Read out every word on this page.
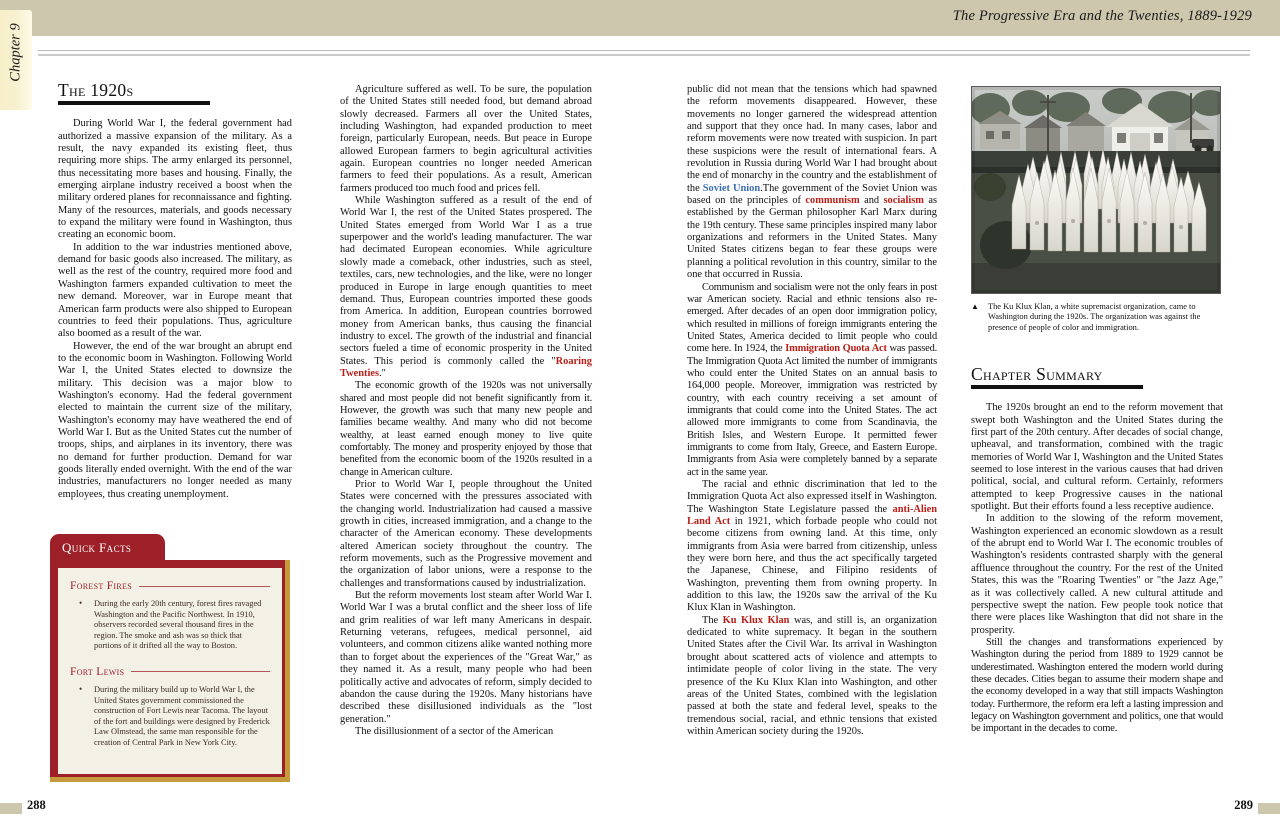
The Progressive Era and the Twenties, 1889-1929
Chapter 9
The 1920s

During World War I, the federal government had authorized a massive expansion of the military. As a result, the navy expanded its existing fleet, thus requiring more ships. The army enlarged its personnel, thus necessitating more bases and housing. Finally, the emerging airplane industry received a boost when the military ordered planes for reconnaissance and fighting. Many of the resources, materials, and goods necessary to expand the military were found in Washington, thus creating an economic boom.

In addition to the war industries mentioned above, demand for basic goods also increased. The military, as well as the rest of the country, required more food and Washington farmers expanded cultivation to meet the new demand. Moreover, war in Europe meant that American farm products were also shipped to European countries to feed their populations. Thus, agriculture also boomed as a result of the war.

However, the end of the war brought an abrupt end to the economic boom in Washington. Following World War I, the United States elected to downsize the military. This decision was a major blow to Washington's economy. Had the federal government elected to maintain the current size of the military, Washington's economy may have weathered the end of World War I. But as the United States cut the number of troops, ships, and airplanes in its inventory, there was no demand for further production. Demand for war goods literally ended overnight. With the end of the war industries, manufacturers no longer needed as many employees, thus creating unemployment.

Quick Facts
Forest Fires
• During the early 20th century, forest fires ravaged Washington and the Pacific Northwest. In 1910, observers recorded several thousand fires in the region. The smoke and ash was so thick that portions of it drifted all the way to Boston.
Fort Lewis
• During the military build up to World War I, the United States government commissioned the construction of Fort Lewis near Tacoma. The layout of the fort and buildings were designed by Frederick Law Olmstead, the same man responsible for the creation of Central Park in New York City.

Agriculture suffered as well. To be sure, the population of the United States still needed food, but demand abroad slowly decreased. Farmers all over the United States, including Washington, had expanded production to meet foreign, particularly European, needs. But peace in Europe allowed European farmers to begin agricultural activities again. European countries no longer needed American farmers to feed their populations. As a result, American farmers produced too much food and prices fell.

While Washington suffered as a result of the end of World War I, the rest of the United States prospered. The United States emerged from World War I as a true superpower and the world's leading manufacturer. The war had decimated European economies. While agriculture slowly made a comeback, other industries, such as steel, textiles, cars, new technologies, and the like, were no longer produced in Europe in large enough quantities to meet demand. Thus, European countries imported these goods from America. In addition, European countries borrowed money from American banks, thus causing the financial industry to excel. The growth of the industrial and financial sectors fueled a time of economic prosperity in the United States. This period is commonly called the "Roaring Twenties."

The economic growth of the 1920s was not universally shared and most people did not benefit significantly from it. However, the growth was such that many new people and families became wealthy. And many who did not become wealthy, at least earned enough money to live quite comfortably. The money and prosperity enjoyed by those that benefited from the economic boom of the 1920s resulted in a change in American culture.

Prior to World War I, people throughout the United States were concerned with the pressures associated with the changing world. Industrialization had caused a massive growth in cities, increased immigration, and a change to the character of the American economy. These developments altered American society throughout the country. The reform movements, such as the Progressive movement and the organization of labor unions, were a response to the challenges and transformations caused by industrialization.

But the reform movements lost steam after World War I. World War I was a brutal conflict and the sheer loss of life and grim realities of war left many Americans in despair. Returning veterans, refugees, medical personnel, aid volunteers, and common citizens alike wanted nothing more than to forget about the experiences of the "Great War," as they named it. As a result, many people who had been politically active and advocates of reform, simply decided to abandon the cause during the 1920s. Many historians have described these disillusioned individuals as the "lost generation."

The disillusionment of a sector of the American

public did not mean that the tensions which had spawned the reform movements disappeared. However, these movements no longer garnered the widespread attention and support that they once had. In many cases, labor and reform movements were now treated with suspicion. In part these suspicions were the result of international fears. A revolution in Russia during World War I had brought about the end of monarchy in the country and the establishment of the Soviet Union.The government of the Soviet Union was based on the principles of communism and socialism as established by the German philosopher Karl Marx during the 19th century. These same principles inspired many labor organizations and reformers in the United States. Many United States citizens began to fear these groups were planning a political revolution in this country, similar to the one that occurred in Russia.

Communism and socialism were not the only fears in post war American society. Racial and ethnic tensions also re-emerged. After decades of an open door immigration policy, which resulted in millions of foreign immigrants entering the United States, America decided to limit people who could come here. In 1924, the Immigration Quota Act was passed. The Immigration Quota Act limited the number of immigrants who could enter the United States on an annual basis to 164,000 people. Moreover, immigration was restricted by country, with each country receiving a set amount of immigrants that could come into the United States. The act allowed more immigrants to come from Scandinavia, the British Isles, and Western Europe. It permitted fewer immigrants to come from Italy, Greece, and Eastern Europe. Immigrants from Asia were completely banned by a separate act in the same year.

The racial and ethnic discrimination that led to the Immigration Quota Act also expressed itself in Washington. The Washington State Legislature passed the anti-Alien Land Act in 1921, which forbade people who could not become citizens from owning land. At this time, only immigrants from Asia were barred from citizenship, unless they were born here, and thus the act specifically targeted the Japanese, Chinese, and Filipino residents of Washington, preventing them from owning property. In addition to this law, the 1920s saw the arrival of the Ku Klux Klan in Washington.

The Ku Klux Klan was, and still is, an organization dedicated to white supremacy. It began in the southern United States after the Civil War. Its arrival in Washington brought about scattered acts of violence and attempts to intimidate people of color living in the state. The very presence of the Ku Klux Klan into Washington, and other areas of the United States, combined with the legislation passed at both the state and federal level, speaks to the tremendous social, racial, and ethnic tensions that existed within American society during the 1920s.

▲	The Ku Klux Klan, a white supremacist organization, came to Washington during the 1920s. The organization was against the presence of people of color and immigration.
Chapter Summary

The 1920s brought an end to the reform movement that swept both Washington and the United States during the first part of the 20th century. After decades of social change, upheaval, and transformation, combined with the tragic memories of World War I, Washington and the United States seemed to lose interest in the various causes that had driven political, social, and cultural reform. Certainly, reformers attempted to keep Progressive causes in the national spotlight. But their efforts found a less receptive audience.

In addition to the slowing of the reform movement, Washington experienced an economic slowdown as a result of the abrupt end to World War I. The economic troubles of Washington's residents contrasted sharply with the general affluence throughout the country. For the rest of the United States, this was the "Roaring Twenties" or "the Jazz Age," as it was collectively called. A new cultural attitude and perspective swept the nation. Few people took notice that there were places like Washington that did not share in the prosperity.

Still the changes and transformations experienced by Washington during the period from 1889 to 1929 cannot be underestimated. Washington entered the modern world during these decades. Cities began to assume their modern shape and the economy developed in a way that still impacts Washington today. Furthermore, the reform era left a lasting impression and legacy on Washington government and politics, one that would be important in the decades to come.

288	289
